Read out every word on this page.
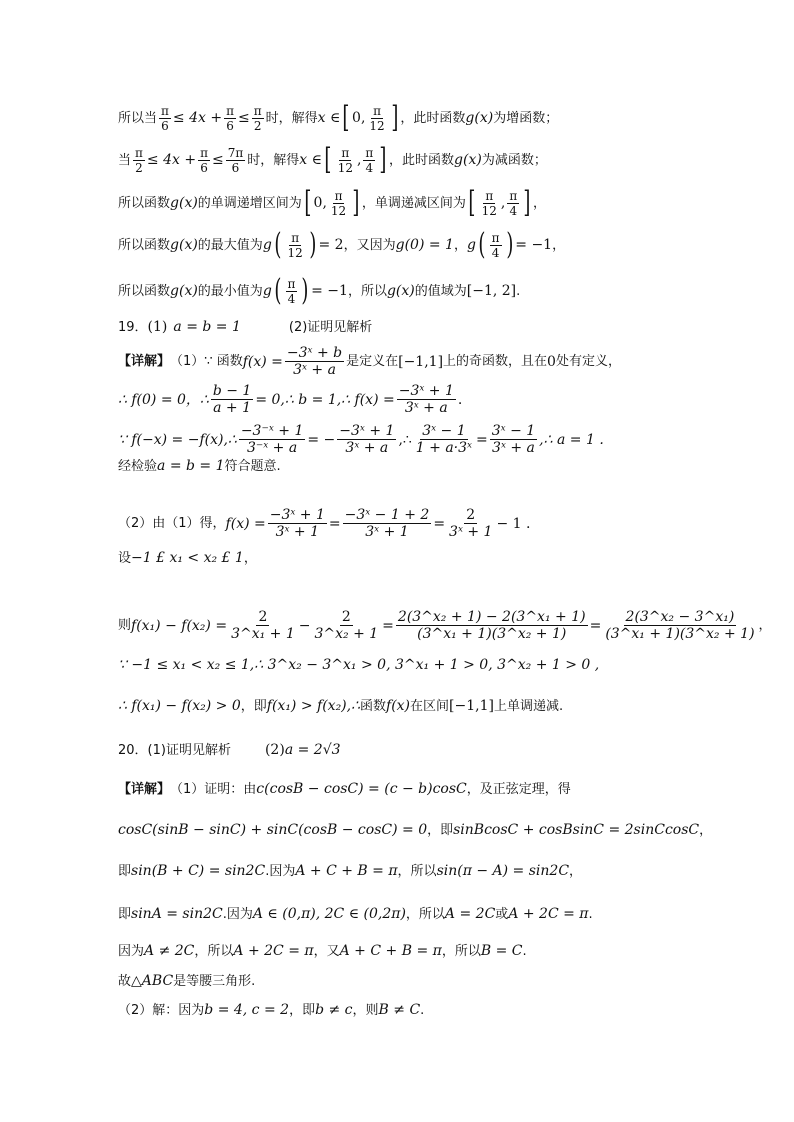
所以当 $\frac{\pi}{6} \le 4x + \frac{\pi}{6} \le \frac{\pi}{2}$ 时，解得 x ∈ [ 0, $\frac{\pi}{12}$ ] ，此时函数 g(x) 为增函数；
当 $\frac{\pi}{2} \le 4x + \frac{\pi}{6} \le \frac{7\pi}{6}$ 时，解得 x ∈ [ $\frac{\pi}{12}$ , $\frac{\pi}{4}$ ] ，此时函数 g(x) 为减函数；
所以函数 g(x) 的单调递增区间为 [ 0, $\frac{\pi}{12}$ ] ，单调递减区间为 [ $\frac{\pi}{12}$ , $\frac{\pi}{4}$ ] ，
所以函数 g(x) 的最大值为 g ( $\frac{\pi}{12}$ ) = 2 ，又因为 g(0) = 1 ， g ( $\frac{\pi}{4}$ ) = −1 ，
所以函数 g(x) 的最小值为 g ( $\frac{\pi}{4}$ ) = −1 ，所以 g(x) 的值域为 [−1, 2] .
19． (1) a = b = 1	(2)证明见解析
【详解】 （1）∵ 函数 $f(x) = \frac{\text{−3ˣ + b}}{\text{3ˣ + a}}$ 是定义在 [−1,1] 上的奇函数，且在 0 处有定义，
∴ f(0) = 0，∴ $\frac{b - 1}{a + 1}$ = 0,∴ b = 1,∴ $f(x) = \frac{\text{−3ˣ + 1}}{\text{3ˣ + a}}$ .
∵ f(−x) = −f(x),∴ $\frac{\text{−3⁻ˣ + 1}}{\text{3⁻ˣ + a}}$ = − $\frac{\text{−3ˣ + 1}}{\text{3ˣ + a}}$ ,∴ $\frac{\text{3ˣ − 1}}{\text{1 + a·3ˣ}} = \frac{\text{3ˣ − 1}}{\text{3ˣ + a}}$ ,∴ a = 1 .
经检验 a = b = 1 符合题意.
（2）由（1）得， $f(x) = \frac{\text{−3ˣ + 1}}{\text{3ˣ + 1}} = \frac{\text{−3ˣ − 1 + 2}}{\text{3ˣ + 1}} = \frac{2}{\text{3ˣ + 1}} - 1$ .
设 −1 £ x₁ < x₂ £ 1 ，
则 $f(x_1) - f(x_2) = \frac{2}{\text{3\textasciicircum{}x₁ + 1}} - \frac{2}{\text{3\textasciicircum{}x₂ + 1}} = \frac{\text{2(3\textasciicircum{}x₂ + 1) − 2(3\textasciicircum{}x₁ + 1)}}{\text{(3\textasciicircum{}x₁ + 1)(3\textasciicircum{}x₂ + 1)}} = \frac{\text{2(3\textasciicircum{}x₂ − 3\textasciicircum{}x₁)}}{\text{(3\textasciicircum{}x₁ + 1)(3\textasciicircum{}x₂ + 1)}}$ ，
∵ −1 ≤ x₁ < x₂ ≤ 1,∴ 3^x₂ − 3^x₁ > 0, 3^x₁ + 1 > 0, 3^x₂ + 1 > 0 ,
∴ f(x₁) − f(x₂) > 0 ，即 f(x₁) > f(x₂),∴ 函数 f(x) 在区间 [−1,1] 上单调递减.
20． (1)证明见解析 (2) a = 2√3
【详解】 （1）证明：由 c(cosB − cosC) = (c − b)cosC ，及正弦定理，得
cosC(sinB − sinC) + sinC(cosB − cosC) = 0 ，即 sinBcosC + cosBsinC = 2sinCcosC ，
即 sin(B + C) = sin2C .因为 A + C + B = π ，所以 sin(π − A) = sin2C ，
即 sinA = sin2C .因为 A ∈ (0,π), 2C ∈ (0,2π) ，所以 A = 2C 或 A + 2C = π .
因为 A ≠ 2C ，所以 A + 2C = π ，又 A + C + B = π ，所以 B = C .
故 △ABC 是等腰三角形.
（2）解：因为 b = 4, c = 2 ，即 b ≠ c ，则 B ≠ C .
